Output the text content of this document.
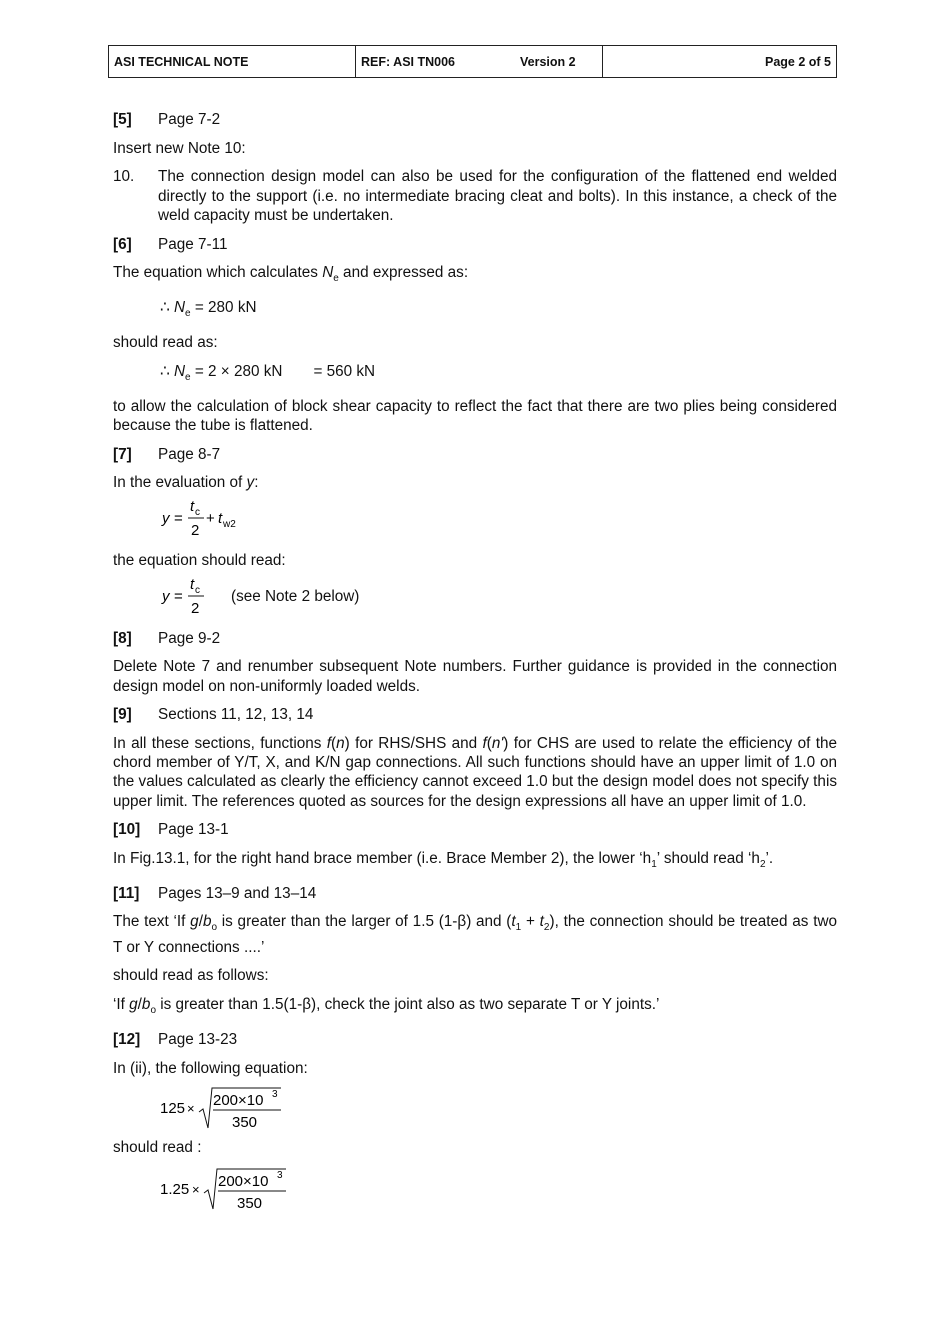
ASI TECHNICAL NOTE	REF: ASI TN006	Version 2	Page 2 of 5
[5]	Page 7-2

Insert new Note 10:

10.	The connection design model can also be used for the configuration of the flattened end welded directly to the support (i.e. no intermediate bracing cleat and bolts). In this instance, a check of the weld capacity must be undertaken.
[6]	Page 7-11

The equation which calculates $N_e$ and expressed as:

∴ $N_e = 280$ kN

should read as:

∴ $N_e = 2 \times 280$ kN = 560 kN

to allow the calculation of block shear capacity to reflect the fact that there are two plies being considered because the tube is flattened.

[7]	Page 8-7

In the evaluation of y:

y =
t c
2
+ t w2

the equation should read:

y =
t c
2
(see Note 2 below)
[8]	Page 9-2

Delete Note 7 and renumber subsequent Note numbers. Further guidance is provided in the connection design model on non-uniformly loaded welds.

[9]	Sections 11, 12, 13, 14

In all these sections, functions f(n) for RHS/SHS and f(n') for CHS are used to relate the efficiency of the chord member of Y/T, X, and K/N gap connections. All such functions should have an upper limit of 1.0 on the values calculated as clearly the efficiency cannot exceed 1.0 but the design model does not specify this upper limit. The references quoted as sources for the design expressions all have an upper limit of 1.0.

[10]	Page 13-1

In Fig.13.1, for the right hand brace member (i.e. Brace Member 2), the lower ‘$h_1$’ should read ‘$h_2$’.

[11]	Pages 13–9 and 13–14

The text ‘If $g/b_o$ is greater than the larger of 1.5 (1-β) and $(t_1 + t_2)$, the connection should be treated as two T or Y connections ....’

should read as follows:

‘If $g/b_o$ is greater than 1.5(1-β), check the joint also as two separate T or Y joints.’

[12]	Page 13-23

In (ii), the following equation:

125 × 200×10 3
350

should read :

1.25 × 200×10 3
350
